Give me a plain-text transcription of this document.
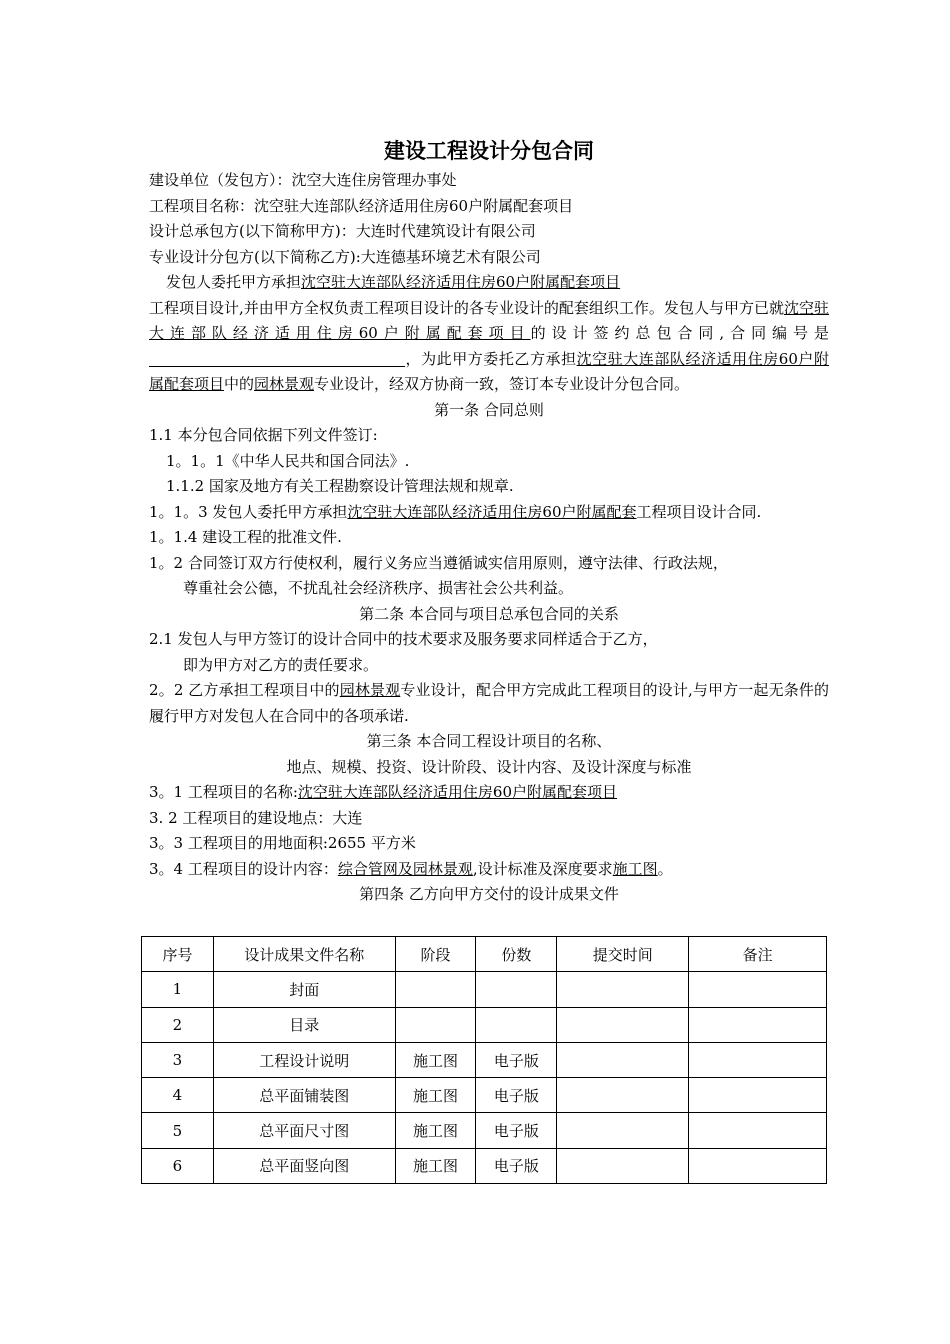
建设工程设计分包合同
建设单位（发包方）：沈空大连住房管理办事处
工程项目名称：沈空驻大连部队经济适用住房60户附属配套项目
设计总承包方(以下简称甲方)：大连时代建筑设计有限公司
专业设计分包方(以下简称乙方):大连德基环境艺术有限公司
发包人委托甲方承担沈空驻大连部队经济适用住房60户附属配套项目
工程项目设计,并由甲方全权负责工程项目设计的各专业设计的配套组织工作。发包人与甲方已就沈空驻大连部队经济适用住房60户附属配套项目的设计签约总包合同,合同编号是，为此甲方委托乙方承担沈空驻大连部队经济适用住房60户附属配套项目中的园林景观专业设计，经双方协商一致，签订本专业设计分包合同。
第一条 合同总则
1.1 本分包合同依据下列文件签订:
1。1。1《中华人民共和国合同法》.
1.1.2 国家及地方有关工程勘察设计管理法规和规章.
1。1。3 发包人委托甲方承担沈空驻大连部队经济适用住房60户附属配套工程项目设计合同.
1。1.4 建设工程的批准文件.
1。2 合同签订双方行使权利，履行义务应当遵循诚实信用原则，遵守法律、行政法规，
尊重社会公德，不扰乱社会经济秩序、损害社会公共利益。
第二条 本合同与项目总承包合同的关系
2.1 发包人与甲方签订的设计合同中的技术要求及服务要求同样适合于乙方，
即为甲方对乙方的责任要求。
2。2 乙方承担工程项目中的园林景观专业设计，配合甲方完成此工程项目的设计,与甲方一起无条件的履行甲方对发包人在合同中的各项承诺.
第三条 本合同工程设计项目的名称、
地点、规模、投资、设计阶段、设计内容、及设计深度与标准
3。1 工程项目的名称:沈空驻大连部队经济适用住房60户附属配套项目
3. 2 工程项目的建设地点：大连
3。3 工程项目的用地面积:2655 平方米
3。4 工程项目的设计内容：综合管网及园林景观,设计标准及深度要求施工图。
第四条 乙方向甲方交付的设计成果文件
序号	设计成果文件名称	阶段	份数	提交时间	备注
1	封面				
2	目录				
3	工程设计说明	施工图	电子版		
4	总平面铺装图	施工图	电子版		
5	总平面尺寸图	施工图	电子版		
6	总平面竖向图	施工图	电子版		
